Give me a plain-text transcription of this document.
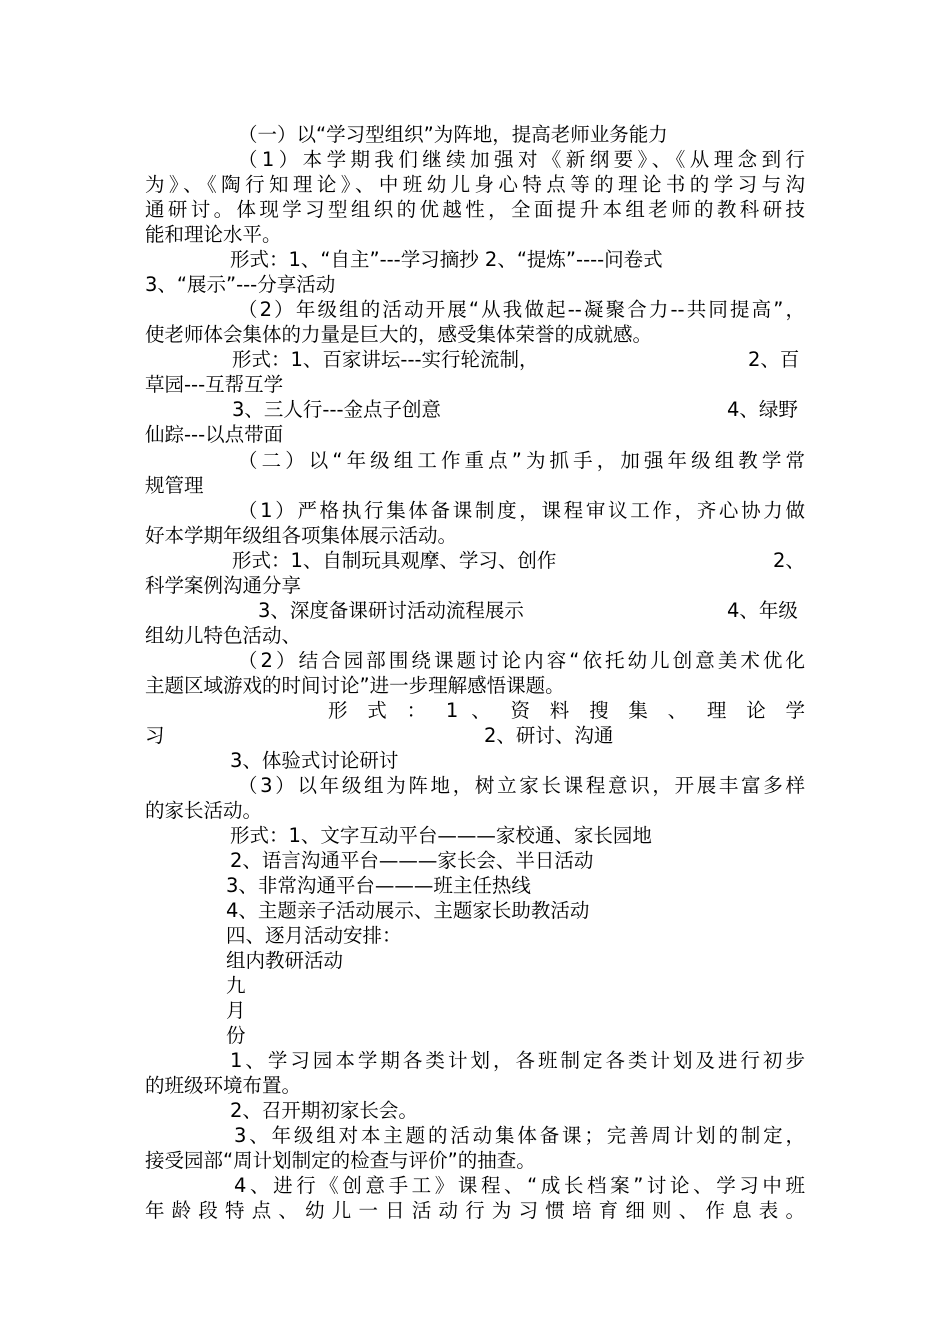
（一）以“学习型组织”为阵地，提高老师业务能力
（1）本学期我们继续加强对《新纲要》、《从理念到行
为》、《陶行知理论》、中班幼儿身心特点等的理论书的学习与沟
通研讨。体现学习型组织的优越性，全面提升本组老师的教科研技
能和理论水平。
形式：1、“自主”---学习摘抄 2、“提炼”----问卷式
3、“展示”---分享活动
（2）年级组的活动开展“从我做起--凝聚合力--共同提高”，
使老师体会集体的力量是巨大的，感受集体荣誉的成就感。
形式：1、百家讲坛---实行轮流制，	2、百
草园---互帮互学
3、三人行---金点子创意	4、绿野
仙踪---以点带面
（二）以“年级组工作重点”为抓手，加强年级组教学常
规管理
（1）严格执行集体备课制度，课程审议工作，齐心协力做
好本学期年级组各项集体展示活动。
形式：1、自制玩具观摩、学习、创作	2、
科学案例沟通分享
3、深度备课研讨活动流程展示	4、年级
组幼儿特色活动、
（2）结合园部围绕课题讨论内容“依托幼儿创意美术优化
主题区域游戏的时间讨论”进一步理解感悟课题。
形 式 ： 1 、 资 料 搜 集 、 理 论 学
习	2、研讨、沟通
3、体验式讨论研讨
（3）以年级组为阵地，树立家长课程意识，开展丰富多样
的家长活动。
形式：1、文字互动平台———家校通、家长园地
2、语言沟通平台———家长会、半日活动
3、非常沟通平台———班主任热线
4、主题亲子活动展示、主题家长助教活动
四、逐月活动安排：
组内教研活动
九
月
份
1、学习园本学期各类计划，各班制定各类计划及进行初步
的班级环境布置。
2、召开期初家长会。
3、年级组对本主题的活动集体备课；完善周计划的制定，
接受园部“周计划制定的检查与评价”的抽查。
4、进行《创意手工》课程、“成长档案”讨论、学习中班
年龄段特点、幼儿一日活动行为习惯培育细则、作息表。
